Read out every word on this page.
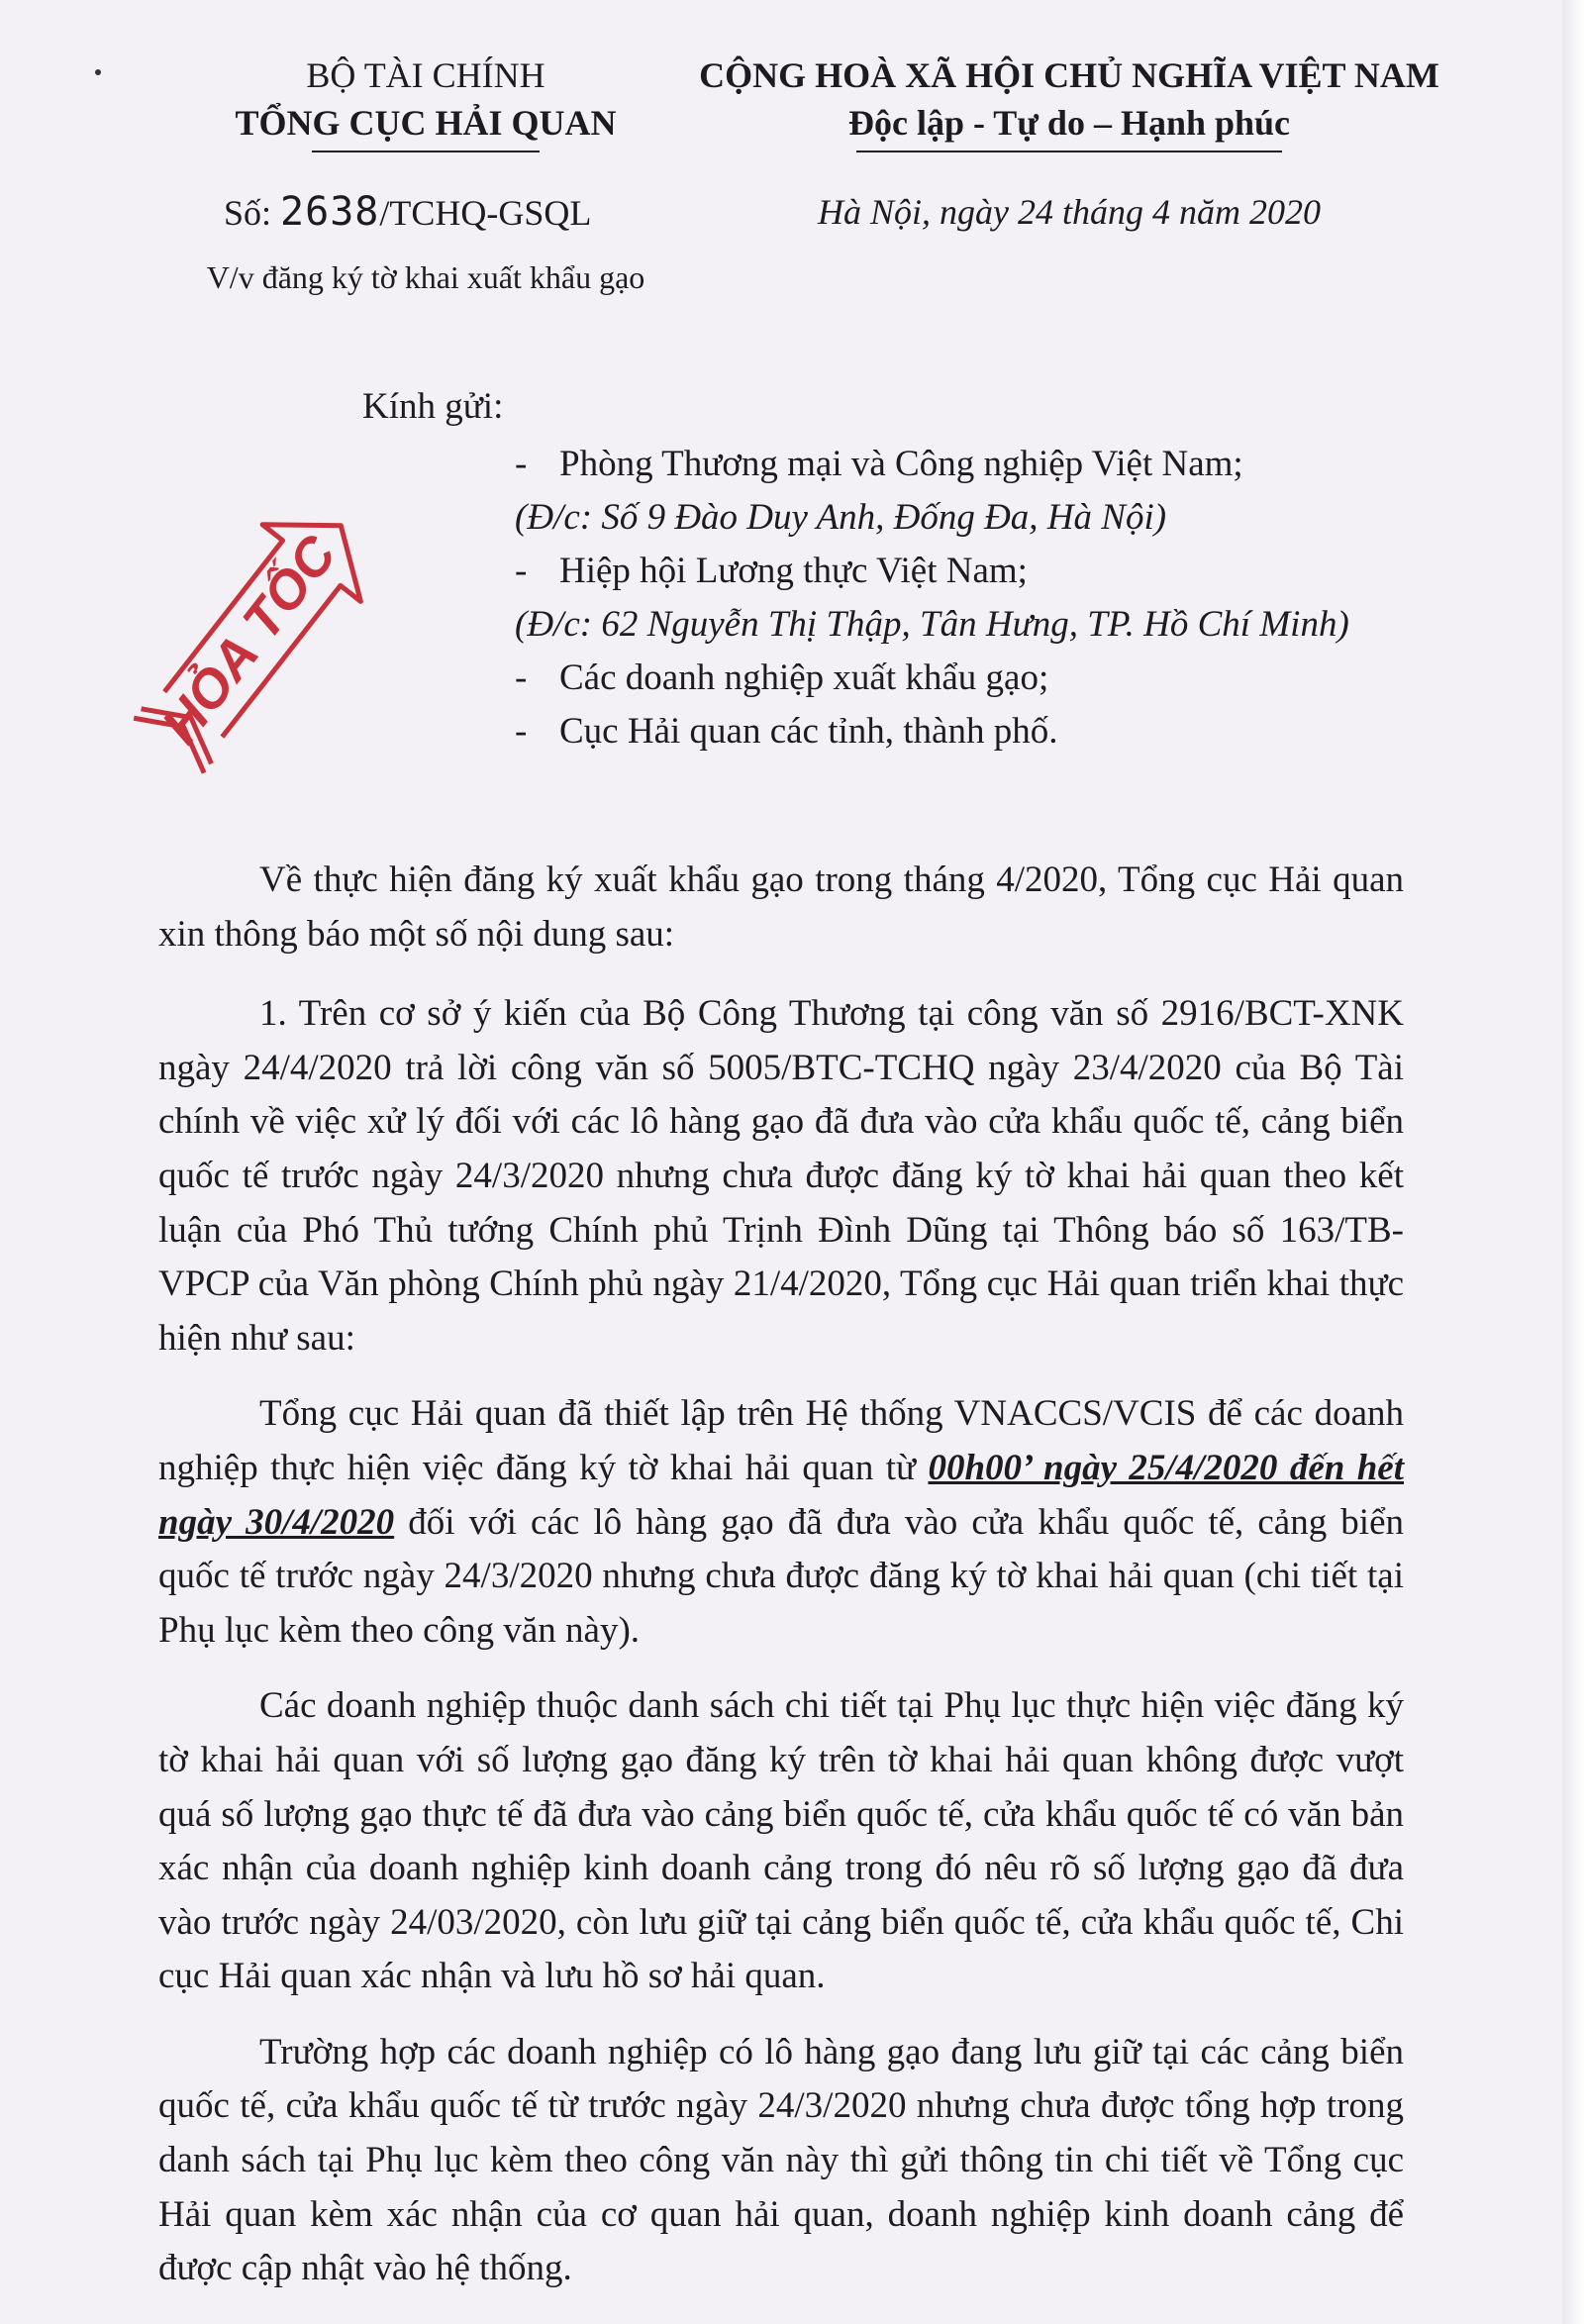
BỘ TÀI CHÍNH
TỔNG CỤC HẢI QUAN
CỘNG HOÀ XÃ HỘI CHỦ NGHĨA VIỆT NAM
Độc lập - Tự do – Hạnh phúc
Số: 2638/TCHQ-GSQL
V/v đăng ký tờ khai xuất khẩu gạo
Hà Nội, ngày 24 tháng 4 năm 2020
Kính gửi:
- Phòng Thương mại và Công nghiệp Việt Nam;
(Đ/c: Số 9 Đào Duy Anh, Đống Đa, Hà Nội)
- Hiệp hội Lương thực Việt Nam;
(Đ/c: 62 Nguyễn Thị Thập, Tân Hưng, TP. Hồ Chí Minh)
- Các doanh nghiệp xuất khẩu gạo;
- Cục Hải quan các tỉnh, thành phố.
HỎA TỐC

Về thực hiện đăng ký xuất khẩu gạo trong tháng 4/2020, Tổng cục Hải quan xin thông báo một số nội dung sau:

1. Trên cơ sở ý kiến của Bộ Công Thương tại công văn số 2916/BCT-XNK ngày 24/4/2020 trả lời công văn số 5005/BTC-TCHQ ngày 23/4/2020 của Bộ Tài chính về việc xử lý đối với các lô hàng gạo đã đưa vào cửa khẩu quốc tế, cảng biển quốc tế trước ngày 24/3/2020 nhưng chưa được đăng ký tờ khai hải quan theo kết luận của Phó Thủ tướng Chính phủ Trịnh Đình Dũng tại Thông báo số 163/TB-VPCP của Văn phòng Chính phủ ngày 21/4/2020, Tổng cục Hải quan triển khai thực hiện như sau:

Tổng cục Hải quan đã thiết lập trên Hệ thống VNACCS/VCIS để các doanh nghiệp thực hiện việc đăng ký tờ khai hải quan từ 00h00’ ngày 25/4/2020 đến hết ngày 30/4/2020 đối với các lô hàng gạo đã đưa vào cửa khẩu quốc tế, cảng biển quốc tế trước ngày 24/3/2020 nhưng chưa được đăng ký tờ khai hải quan (chi tiết tại Phụ lục kèm theo công văn này).

Các doanh nghiệp thuộc danh sách chi tiết tại Phụ lục thực hiện việc đăng ký tờ khai hải quan với số lượng gạo đăng ký trên tờ khai hải quan không được vượt quá số lượng gạo thực tế đã đưa vào cảng biển quốc tế, cửa khẩu quốc tế có văn bản xác nhận của doanh nghiệp kinh doanh cảng trong đó nêu rõ số lượng gạo đã đưa vào trước ngày 24/03/2020, còn lưu giữ tại cảng biển quốc tế, cửa khẩu quốc tế, Chi cục Hải quan xác nhận và lưu hồ sơ hải quan.

Trường hợp các doanh nghiệp có lô hàng gạo đang lưu giữ tại các cảng biển quốc tế, cửa khẩu quốc tế từ trước ngày 24/3/2020 nhưng chưa được tổng hợp trong danh sách tại Phụ lục kèm theo công văn này thì gửi thông tin chi tiết về Tổng cục Hải quan kèm xác nhận của cơ quan hải quan, doanh nghiệp kinh doanh cảng để được cập nhật vào hệ thống.
